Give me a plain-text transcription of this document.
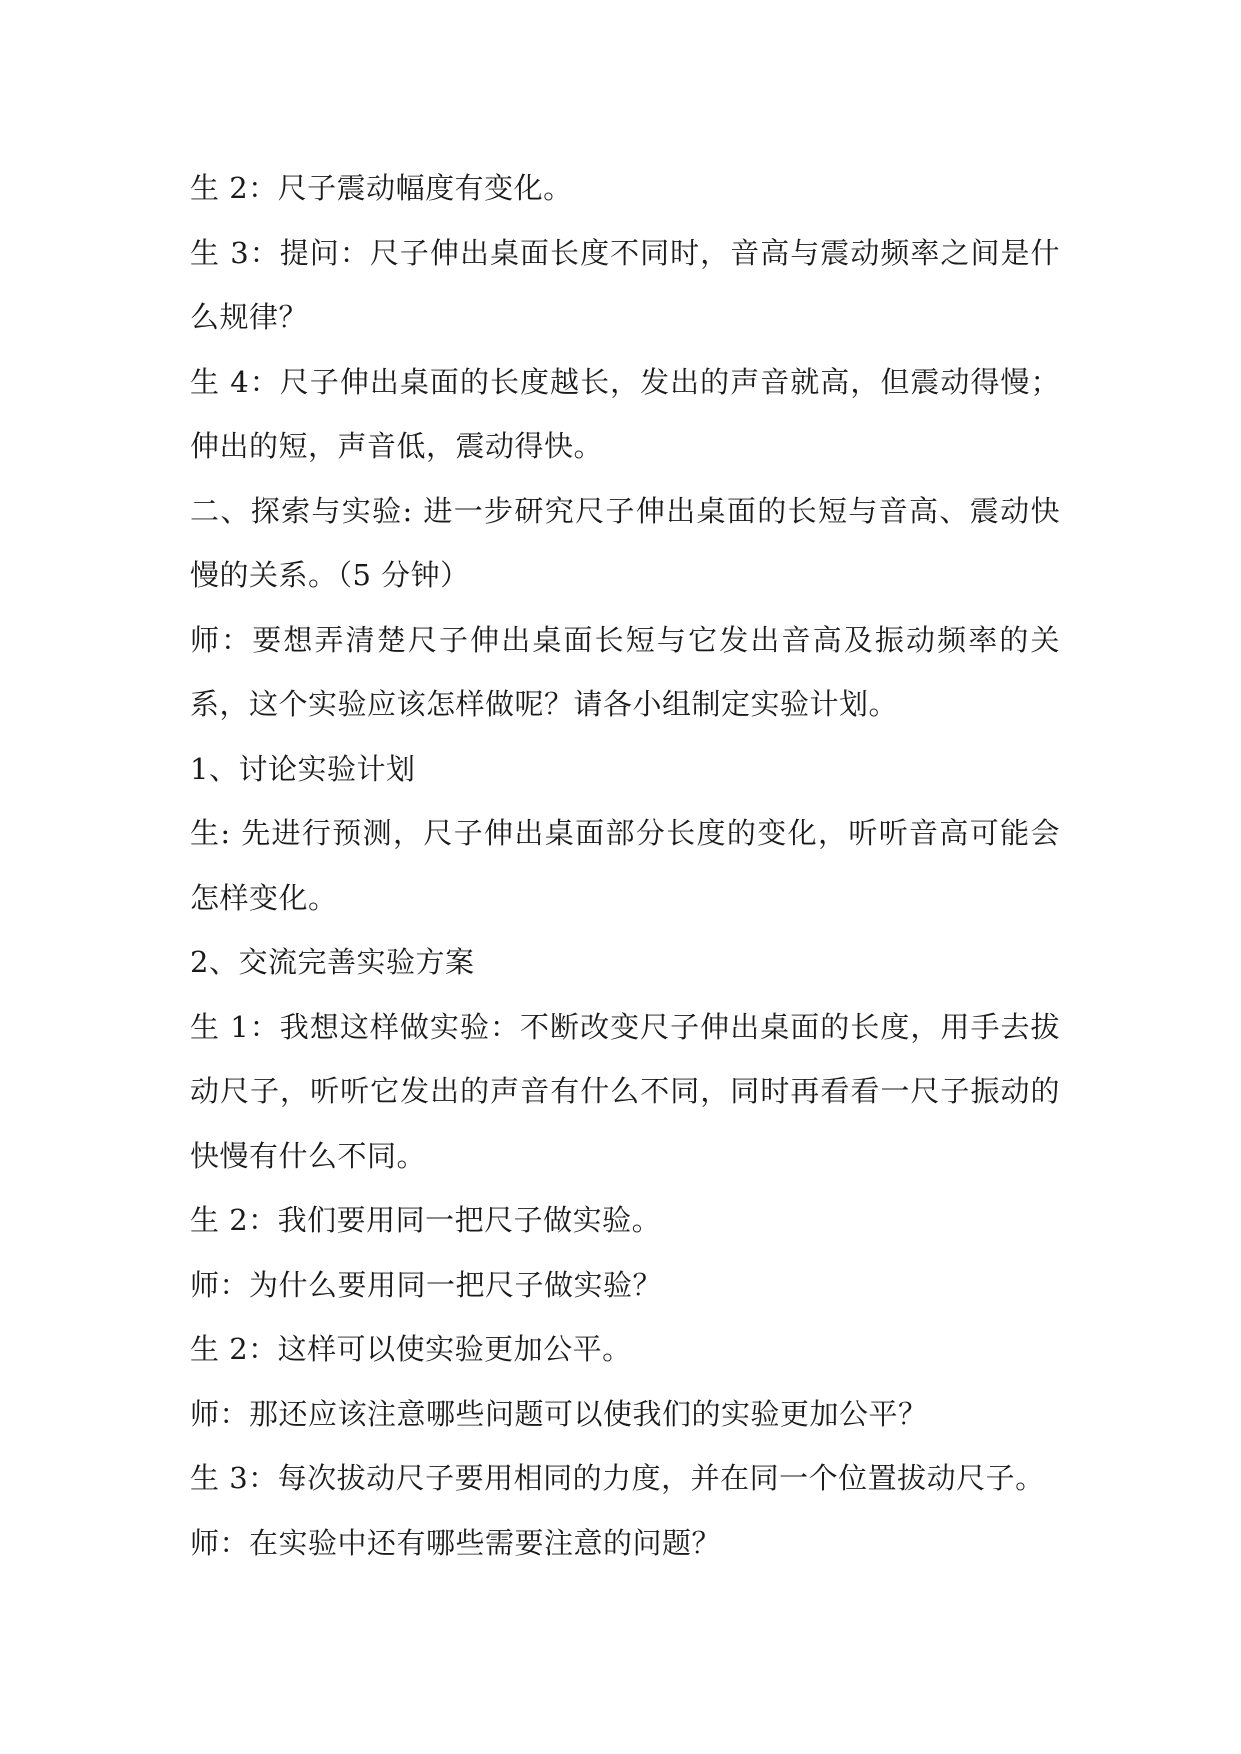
生 2：尺子震动幅度有变化。

生 3：提问：尺子伸出桌面长度不同时，音高与震动频率之间是什么规律？

生 4：尺子伸出桌面的长度越长，发出的声音就高，但震动得慢；伸出的短，声音低，震动得快。

二、探索与实验: 进一步研究尺子伸出桌面的长短与音高、震动快慢的关系。（5 分钟）

师：要想弄清楚尺子伸出桌面长短与它发出音高及振动频率的关系，这个实验应该怎样做呢？请各小组制定实验计划。

1、讨论实验计划

生: 先进行预测，尺子伸出桌面部分长度的变化，听听音高可能会怎样变化。

2、交流完善实验方案

生 1：我想这样做实验：不断改变尺子伸出桌面的长度，用手去拔动尺子，听听它发出的声音有什么不同，同时再看看一尺子振动的快慢有什么不同。

生 2：我们要用同一把尺子做实验。

师：为什么要用同一把尺子做实验？

生 2：这样可以使实验更加公平。

师：那还应该注意哪些问题可以使我们的实验更加公平？

生 3：每次拔动尺子要用相同的力度，并在同一个位置拔动尺子。

师：在实验中还有哪些需要注意的问题？
